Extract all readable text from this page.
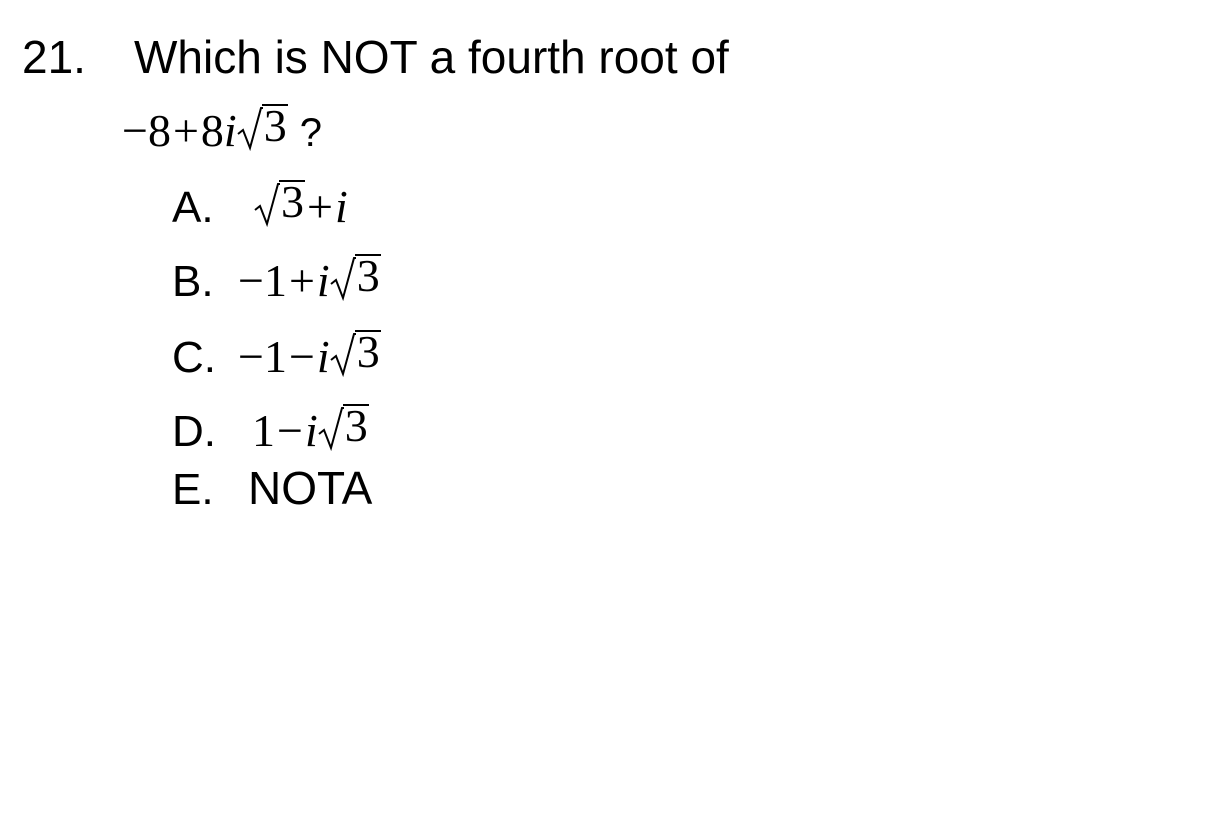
21. Which is NOT a fourth root of
− 8 + 8 i 3 ?
A.	3 + i
B. − 1 + i 3
C. − 1 − i 3
D. 1 − i 3
E. NOTA
